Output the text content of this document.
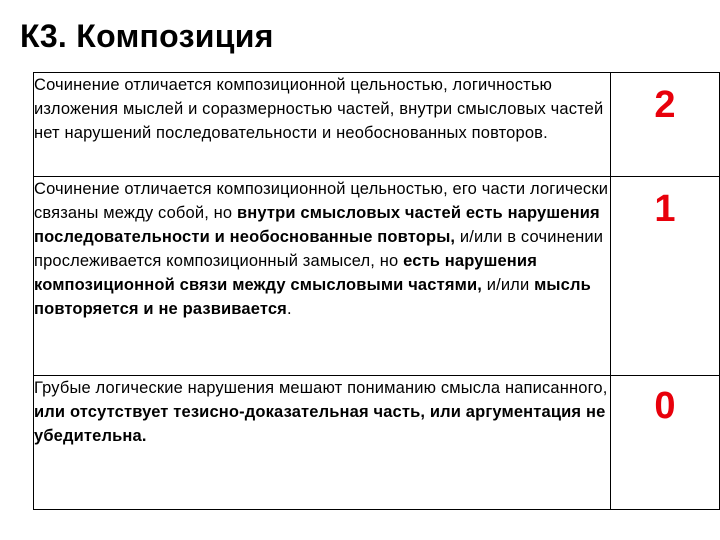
К3. Композиция
Сочинение отличается композиционной цельностью, логичностью изложения мыслей и соразмерностью частей, внутри смысловых частей нет нарушений последовательности и необоснованных повторов.	2
Сочинение отличается композиционной цельностью, его части логически связаны между собой, но внутри смысловых частей есть нарушения последовательности и необоснованные повторы, и/или в сочинении прослеживается композиционный замысел, но есть нарушения композиционной связи между смысловыми частями, и/или мысль повторяется и не развивается.	1
Грубые логические нарушения мешают пониманию смысла написанного, или отсутствует тезисно-доказательная часть, или аргументация не убедительна.	0
